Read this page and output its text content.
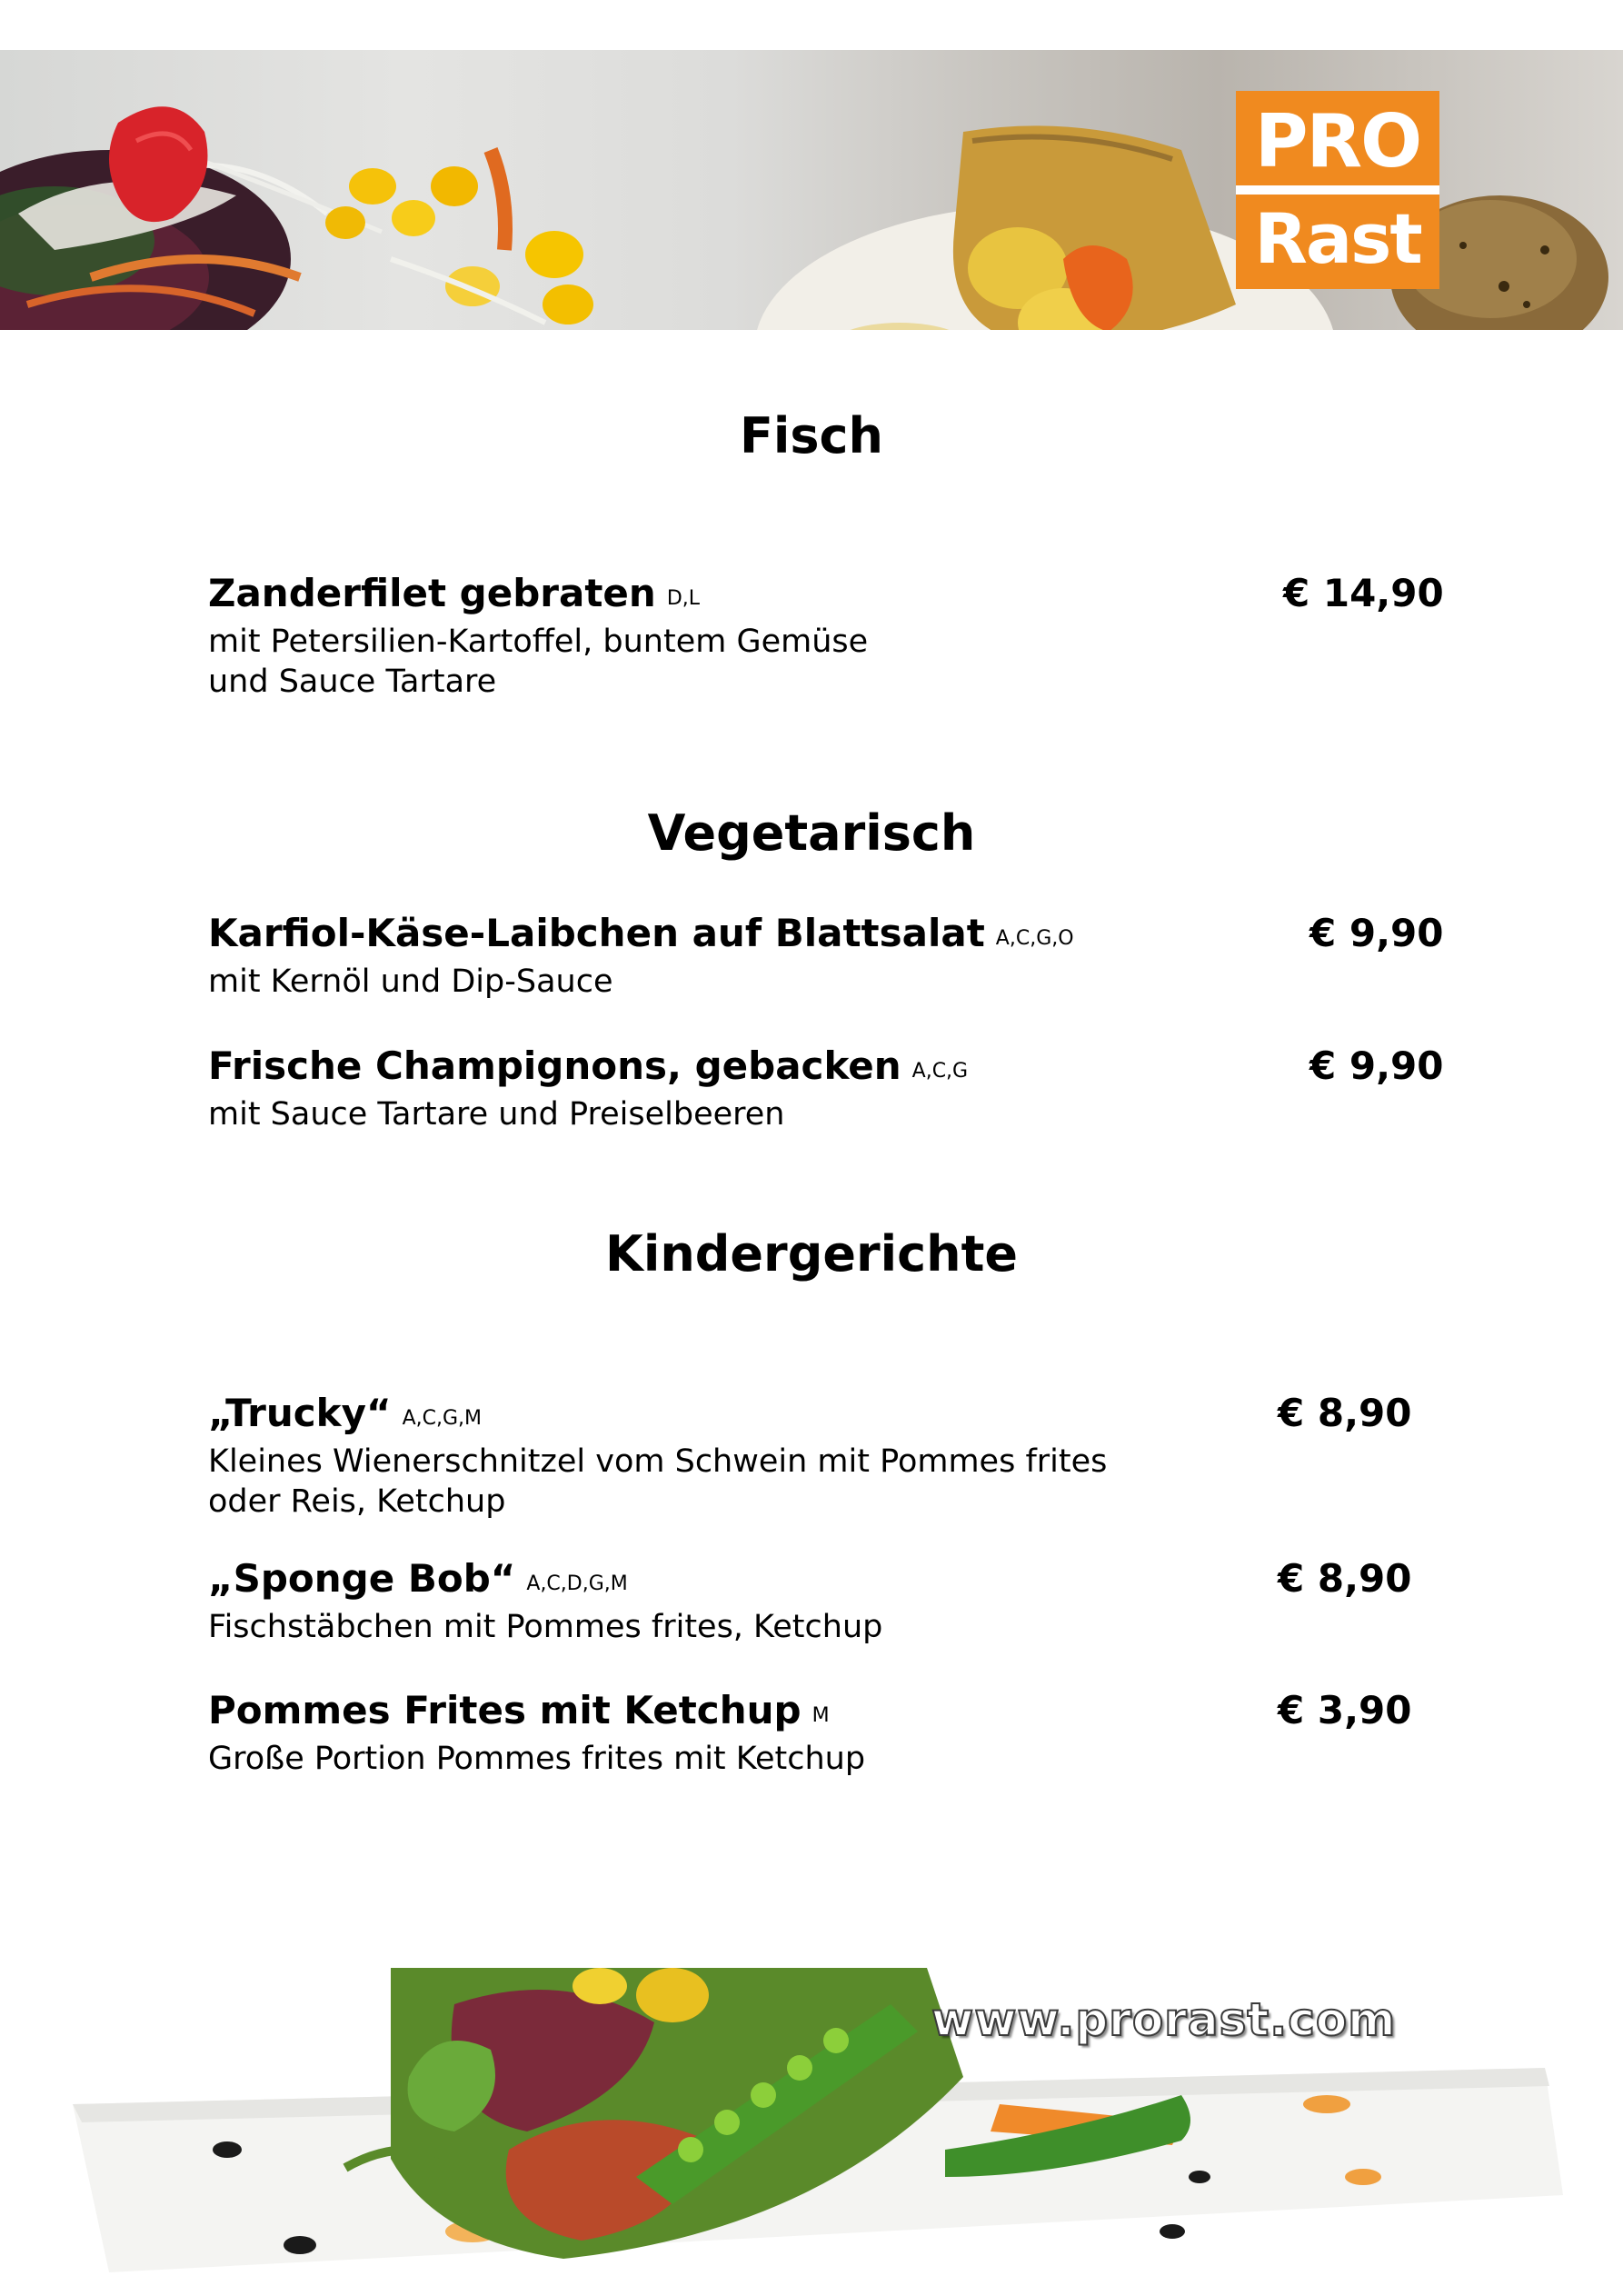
PRO
Rast
Fisch
Zanderfilet gebraten D,L
mit Petersilien-Kartoffel, buntem Gemüse
und Sauce Tartare
€ 14,90
Vegetarisch
Karfiol-Käse-Laibchen auf Blattsalat A,C,G,O
mit Kernöl und Dip-Sauce
€ 9,90
Frische Champignons, gebacken A,C,G
mit Sauce Tartare und Preiselbeeren
€ 9,90
Kindergerichte
„Trucky“ A,C,G,M
Kleines Wienerschnitzel vom Schwein mit Pommes frites
oder Reis, Ketchup
€ 8,90
„Sponge Bob“ A,C,D,G,M
Fischstäbchen mit Pommes frites, Ketchup
€ 8,90
Pommes Frites mit Ketchup M
Große Portion Pommes frites mit Ketchup
€ 3,90
www.prorast.com
